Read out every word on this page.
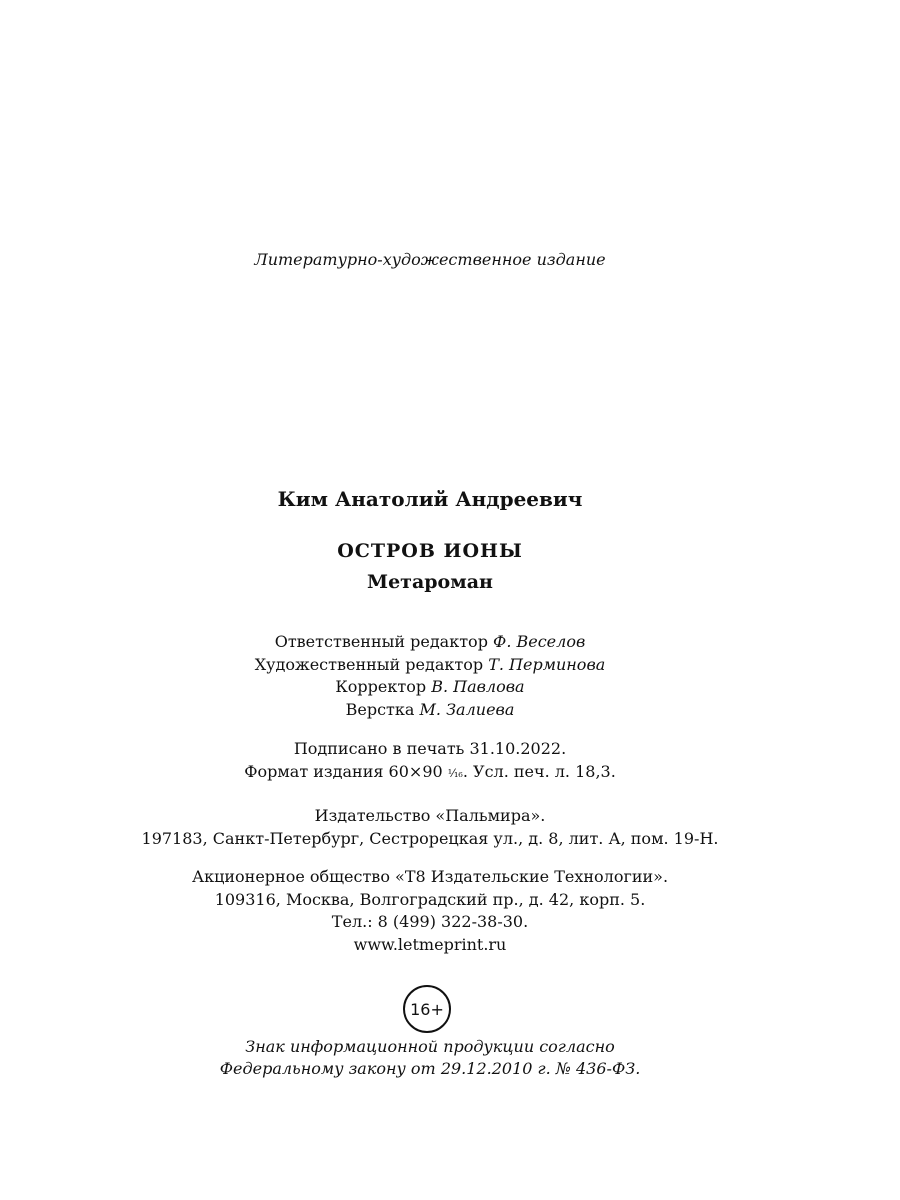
Литературно-художественное издание
Ким Анатолий Андреевич
ОСТРОВ ИОНЫ
Метароман
Ответственный редактор Ф. Веселов
Художественный редактор Т. Перминова
Корректор В. Павлова
Верстка М. Залиева
Подписано в печать 31.10.2022.
Формат издания 60×90 ¹⁄₁₆. Усл. печ. л. 18,3.
Издательство «Пальмира».
197183, Санкт-Петербург, Сестрорецкая ул., д. 8, лит. А, пом. 19-Н.
Акционерное общество «Т8 Издательские Технологии».
109316, Москва, Волгоградский пр., д. 42, корп. 5.
Тел.: 8 (499) 322-38-30.
www.letmeprint.ru
16+
Знак информационной продукции согласно
Федеральному закону от 29.12.2010 г. № 436-ФЗ.
